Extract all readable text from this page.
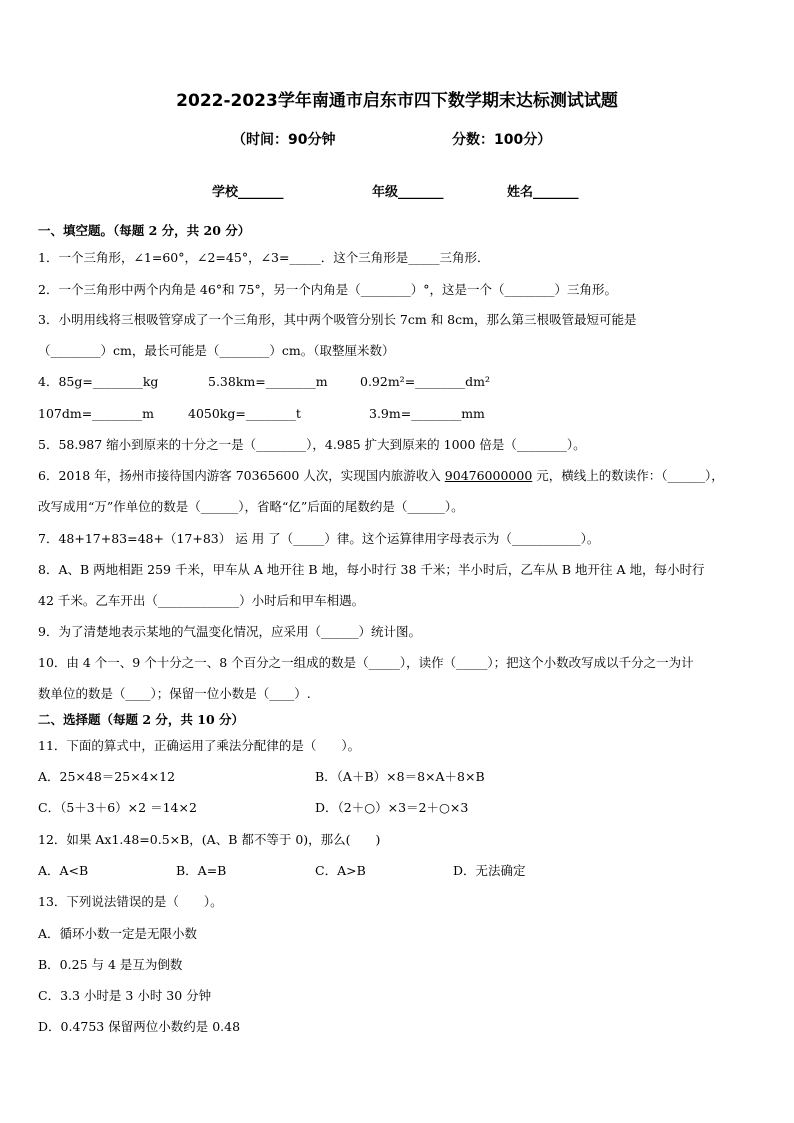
2022-2023学年南通市启东市四下数学期末达标测试试题
（时间：90分钟	分数：100分）
学校_______	年级_______	姓名_______
一、填空题。（每题 2 分，共 20 分）
1．一个三角形，∠1=60°，∠2=45°，∠3=_____．这个三角形是_____三角形．
2．一个三角形中两个内角是 46°和 75°，另一个内角是（________）°，这是一个（________）三角形。
3．小明用线将三根吸管穿成了一个三角形，其中两个吸管分别长 7cm 和 8cm，那么第三根吸管最短可能是
（________）cm，最长可能是（________）cm。（取整厘米数）
4．85g=________kg	5.38km=________m	0.92m²=________dm²
107dm=________m	4050kg=________t	3.9m=________mm
5．58.987 缩小到原来的十分之一是（________），4.985 扩大到原来的 1000 倍是（________）。
6．2018 年，扬州市接待国内游客 70365600 人次，实现国内旅游收入 90476000000 元，横线上的数读作：（______），
改写成用“万”作单位的数是（______），省略“亿”后面的尾数约是（______）。
7．48+17+83=48+（17+83） 运 用 了（_____）律。这个运算律用字母表示为（___________）。
8．A、B 两地相距 259 千米，甲车从 A 地开往 B 地，每小时行 38 千米；半小时后，乙车从 B 地开往 A 地，每小时行
42 千米。乙车开出（_____________）小时后和甲车相遇。
9．为了清楚地表示某地的气温变化情况，应采用（______）统计图。
10．由 4 个一、9 个十分之一、8 个百分之一组成的数是（_____），读作（_____）；把这个小数改写成以千分之一为计
数单位的数是（____）；保留一位小数是（____）.
二、选择题（每题 2 分，共 10 分）
11．下面的算式中，正确运用了乘法分配律的是（　　）。
A．25×48＝25×4×12	B．（A＋B）×8＝8×A＋8×B
C．（5＋3＋6）×2 ＝14×2	D．（2＋○）×3＝2＋○×3
12．如果 Ax1.48=0.5×B，(A、B 都不等于 0)，那么(　　)
A．A<B	B．A=B	C．A>B	D．无法确定
13．下列说法错误的是（　　）。
A．循环小数一定是无限小数
B．0.25 与 4 是互为倒数
C．3.3 小时是 3 小时 30 分钟
D．0.4753 保留两位小数约是 0.48
